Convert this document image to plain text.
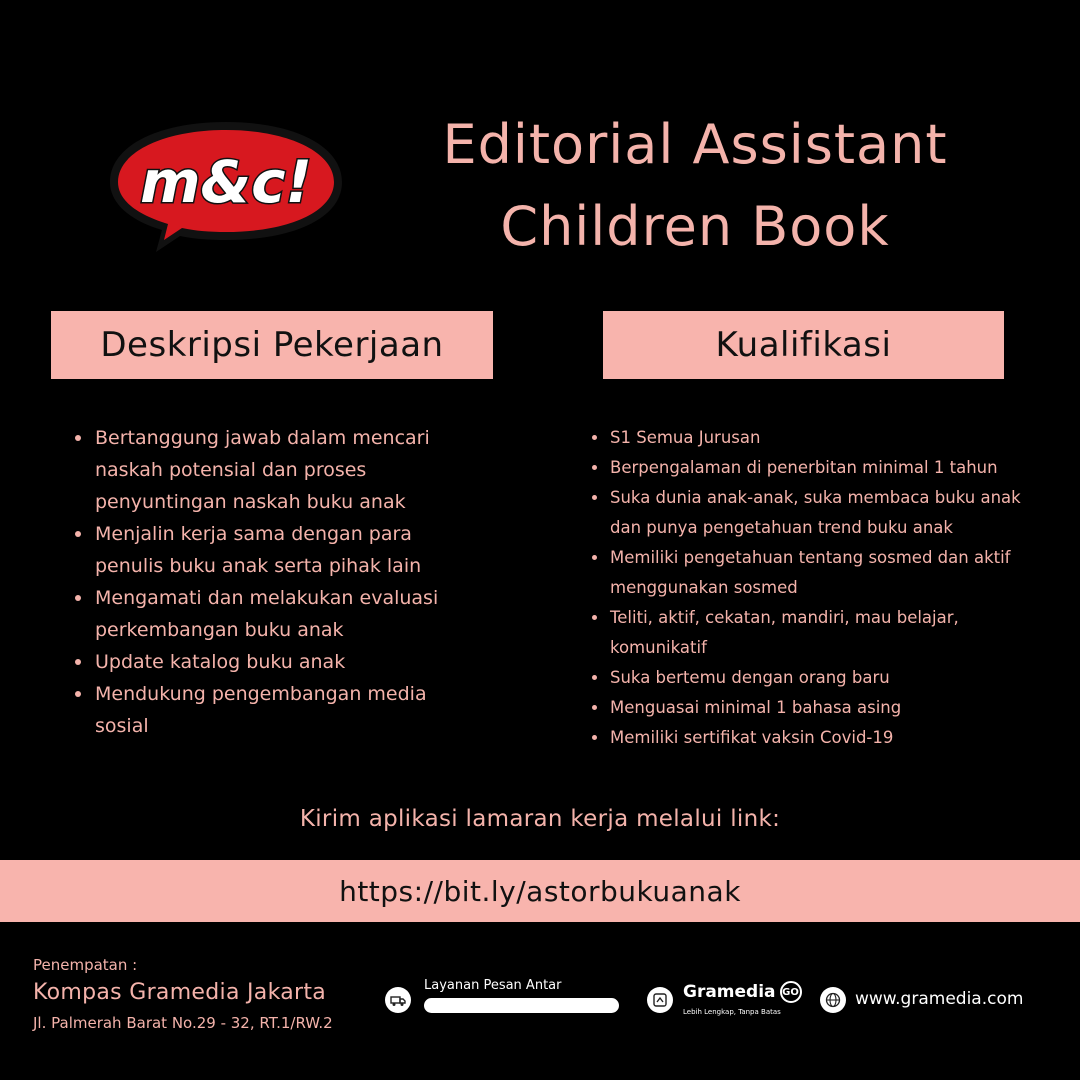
m&c!
Editorial Assistant
Children Book
Deskripsi Pekerjaan	Kualifikasi
Bertanggung jawab dalam mencari naskah potensial dan proses penyuntingan naskah buku anak
Menjalin kerja sama dengan para penulis buku anak serta pihak lain
Mengamati dan melakukan evaluasi perkembangan buku anak
Update katalog buku anak
Mendukung pengembangan media sosial
S1 Semua Jurusan
Berpengalaman di penerbitan minimal 1 tahun
Suka dunia anak-anak, suka membaca buku anak dan punya pengetahuan trend buku anak
Memiliki pengetahuan tentang sosmed dan aktif menggunakan sosmed
Teliti, aktif, cekatan, mandiri, mau belajar, komunikatif
Suka bertemu dengan orang baru
Menguasai minimal 1 bahasa asing
Memiliki sertifikat vaksin Covid-19
Kirim aplikasi lamaran kerja melalui link:
https://bit.ly/astorbukuanak
Penempatan :
Kompas Gramedia Jakarta
Jl. Palmerah Barat No.29 - 32, RT.1/RW.2
Layanan Pesan Antar	Gramedia GO
Lebih Lengkap, Tanpa Batas
www.gramedia.com
